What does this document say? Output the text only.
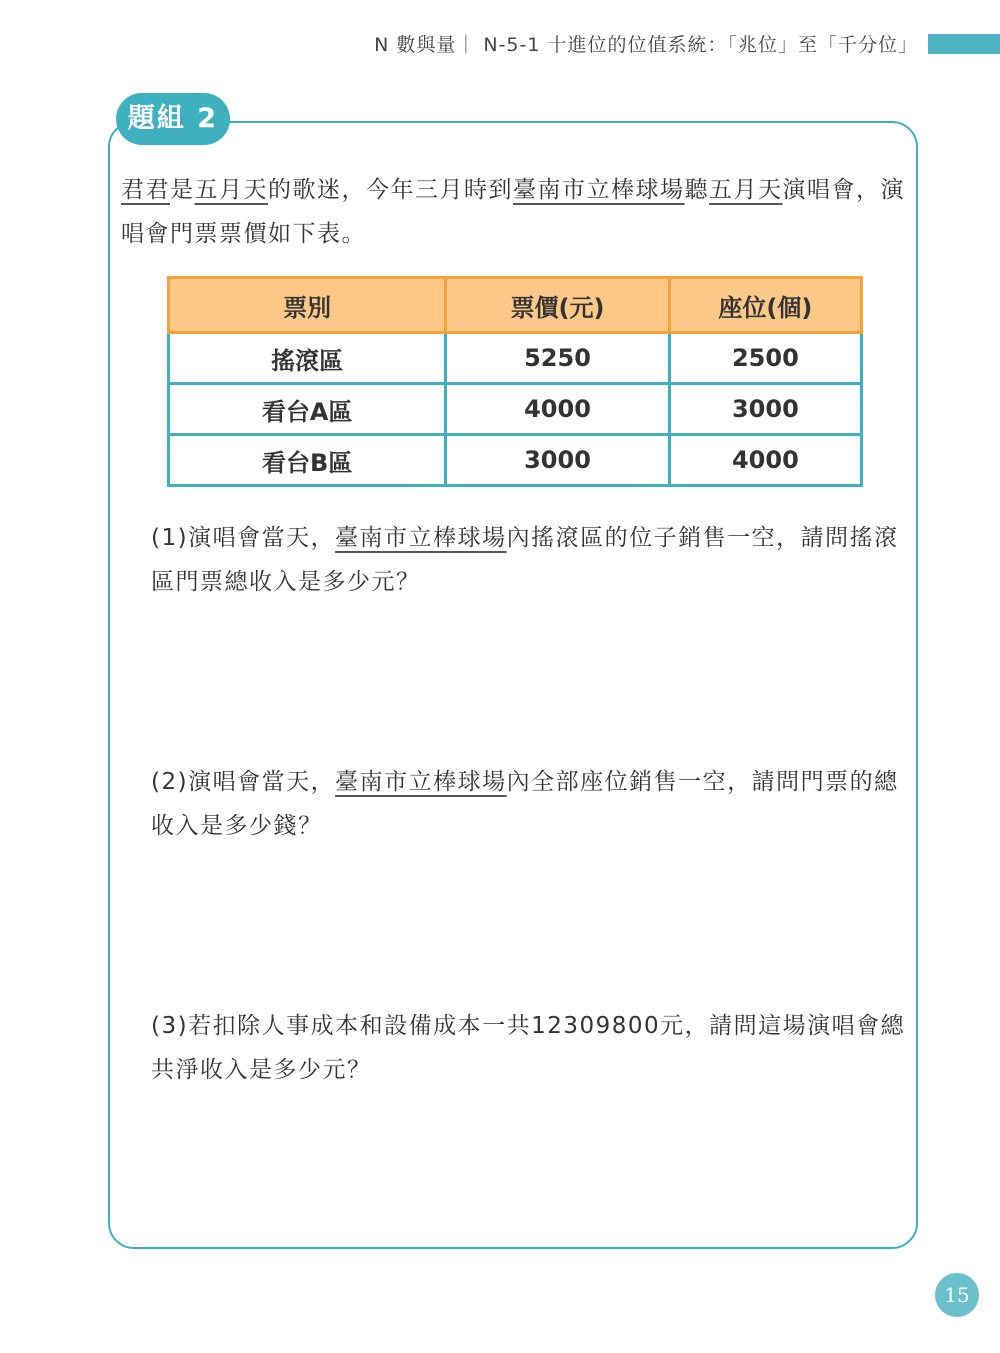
N 數與量｜ N-5-1 十進位的位值系統：「兆位」至「千分位」
題組 2
君君是五月天的歌迷，今年三月時到臺南市立棒球場聽五月天演唱會，演唱會門票票價如下表。
票別	票價(元)	座位(個)
搖滾區	5250	2500
看台A區	4000	3000
看台B區	3000	4000
(1)演唱會當天，臺南市立棒球場內搖滾區的位子銷售一空，請問搖滾區門票總收入是多少元？
(2)演唱會當天，臺南市立棒球場內全部座位銷售一空，請問門票的總收入是多少錢？
(3)若扣除人事成本和設備成本一共12309800元，請問這場演唱會總共淨收入是多少元？
15
